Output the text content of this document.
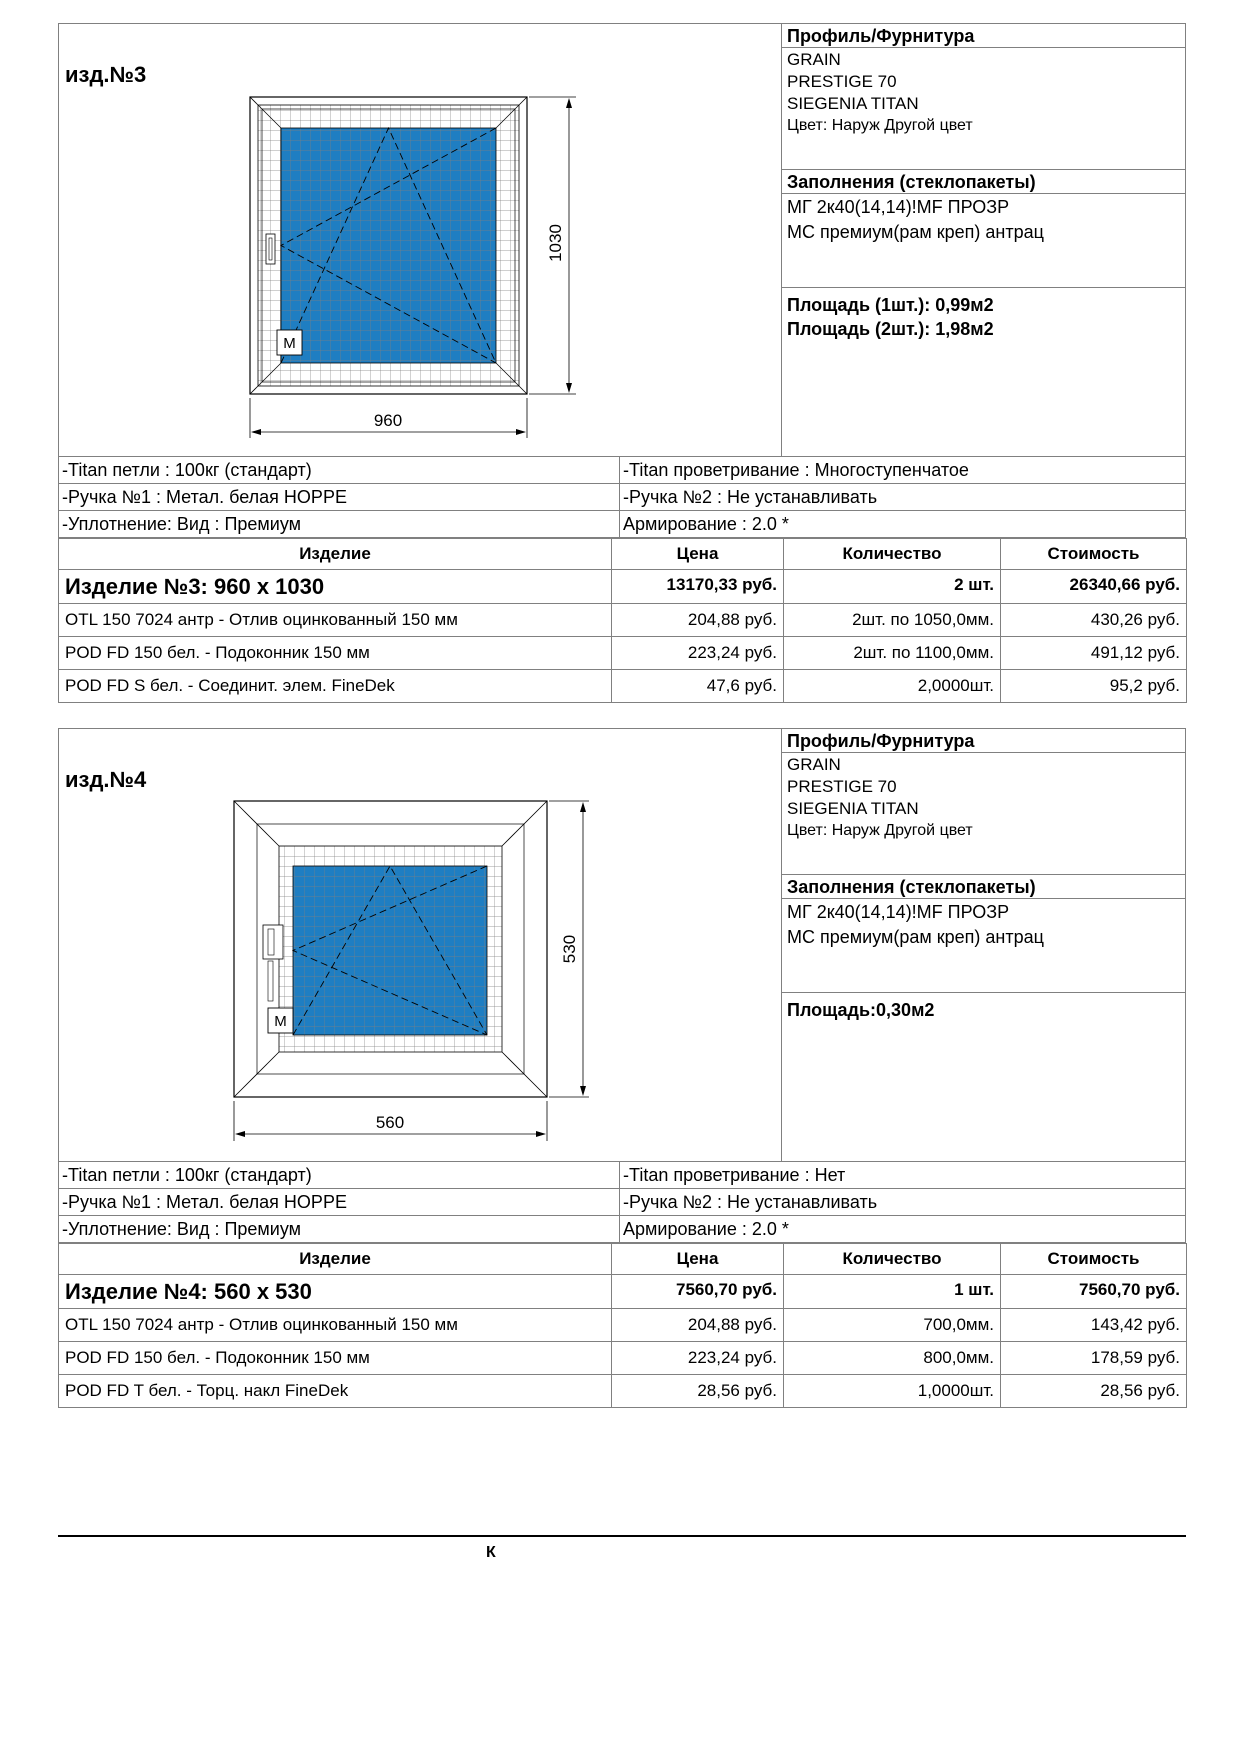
изд.№3
М
1030
960
Профиль/Фурнитура
GRAIN
PRESTIGE 70
SIEGENIA TITAN
Цвет: Наруж Другой цвет
Заполнения (стеклопакеты)
МГ 2к40(14,14)!MF ПРОЗР
МС премиум(рам креп) антрац
Площадь (1шт.): 0,99м2
Площадь (2шт.): 1,98м2
-Titan петли : 100кг (стандарт)	-Titan проветривание : Многоступенчатое
-Ручка №1 : Метал. белая HOPPE	-Ручка №2 : Не устанавливать
-Уплотнение: Вид : Премиум	Армирование : 2.0 *
Изделие	Цена	Количество	Стоимость
Изделие №3: 960 x 1030	13170,33 руб.	2 шт.	26340,66 руб.
OTL 150 7024 антр - Отлив оцинкованный 150 мм	204,88 руб.	2шт. по 1050,0мм.	430,26 руб.
POD FD 150 бел. - Подоконник 150 мм	223,24 руб.	2шт. по 1100,0мм.	491,12 руб.
POD FD S бел. - Соединит. элем. FineDek	47,6 руб.	2,0000шт.	95,2 руб.
изд.№4
М
530
560
Профиль/Фурнитура
GRAIN
PRESTIGE 70
SIEGENIA TITAN
Цвет: Наруж Другой цвет
Заполнения (стеклопакеты)
МГ 2к40(14,14)!MF ПРОЗР
МС премиум(рам креп) антрац
Площадь:0,30м2
-Titan петли : 100кг (стандарт)	-Titan проветривание : Нет
-Ручка №1 : Метал. белая HOPPE	-Ручка №2 : Не устанавливать
-Уплотнение: Вид : Премиум	Армирование : 2.0 *
Изделие	Цена	Количество	Стоимость
Изделие №4: 560 x 530	7560,70 руб.	1 шт.	7560,70 руб.
OTL 150 7024 антр - Отлив оцинкованный 150 мм	204,88 руб.	700,0мм.	143,42 руб.
POD FD 150 бел. - Подоконник 150 мм	223,24 руб.	800,0мм.	178,59 руб.
POD FD T бел. - Торц. накл FineDek	28,56 руб.	1,0000шт.	28,56 руб.
К
